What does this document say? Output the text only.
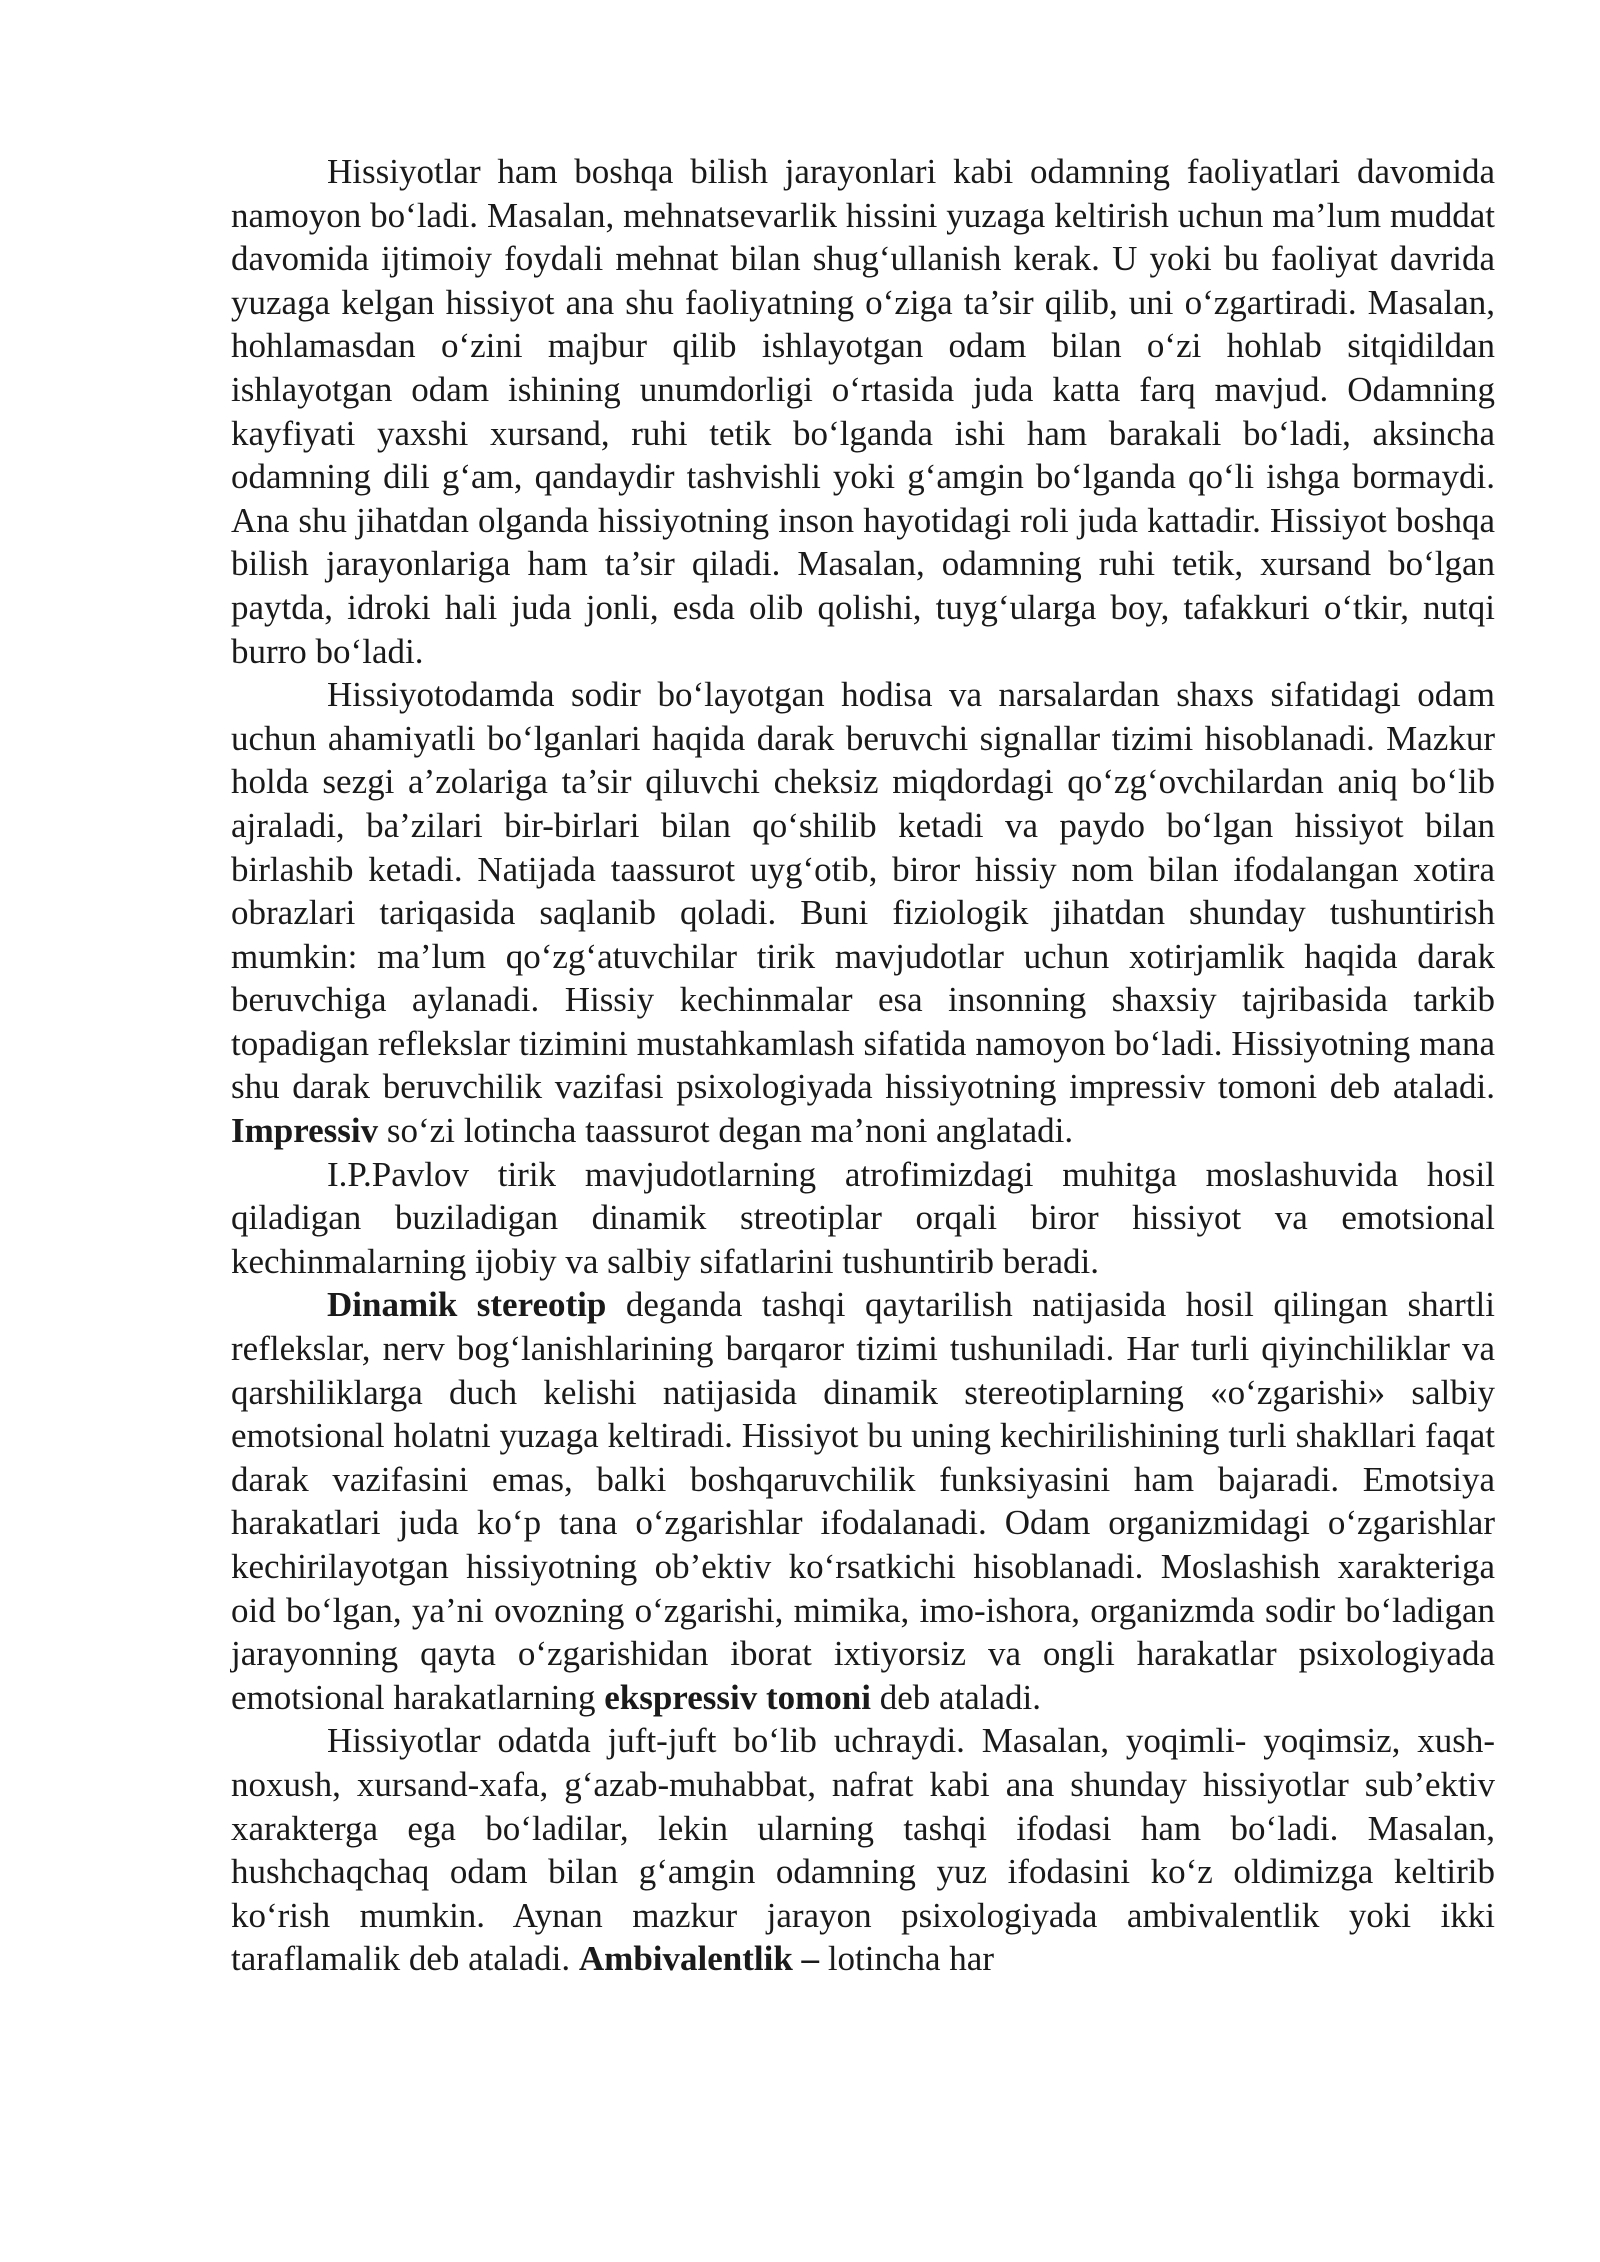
Hissiyotlar ham boshqa bilish jarayonlari kabi odamning faoliyatlari davomida namoyon bo‘ladi. Masalan, mehnatsevarlik hissini yuzaga keltirish uchun ma’lum muddat davomida ijtimoiy foydali mehnat bilan shug‘ullanish kerak. U yoki bu faoliyat davrida yuzaga kelgan hissiyot ana shu faoliyatning o‘ziga ta’sir qilib, uni o‘zgartiradi. Masalan, hohlamasdan o‘zini majbur qilib ishlayotgan odam bilan o‘zi hohlab sitqidildan ishlayotgan odam ishining unumdorligi o‘rtasida juda katta farq mavjud. Odamning kayfiyati yaxshi xursand, ruhi tetik bo‘lganda ishi ham barakali bo‘ladi, aksincha odamning dili g‘am, qandaydir tashvishli yoki g‘amgin bo‘lganda qo‘li ishga bormaydi. Ana shu jihatdan olganda hissiyotning inson hayotidagi roli juda kattadir. Hissiyot boshqa bilish jarayonlariga ham ta’sir qiladi. Masalan, odamning ruhi tetik, xursand bo‘lgan paytda, idroki hali juda jonli, esda olib qolishi, tuyg‘ularga boy, tafakkuri o‘tkir, nutqi burro bo‘ladi.

Hissiyotodamda sodir bo‘layotgan hodisa va narsalardan shaxs sifatidagi odam uchun ahamiyatli bo‘lganlari haqida darak beruvchi signallar tizimi hisoblanadi. Mazkur holda sezgi a’zolariga ta’sir qiluvchi cheksiz miqdordagi qo‘zg‘ovchilardan aniq bo‘lib ajraladi, ba’zilari bir-birlari bilan qo‘shilib ketadi va paydo bo‘lgan hissiyot bilan birlashib ketadi. Natijada taassurot uyg‘otib, biror hissiy nom bilan ifodalangan xotira obrazlari tariqasida saqlanib qoladi. Buni fiziologik jihatdan shunday tushuntirish mumkin: ma’lum qo‘zg‘atuvchilar tirik mavjudotlar uchun xotirjamlik haqida darak beruvchiga aylanadi. Hissiy kechinmalar esa insonning shaxsiy tajribasida tarkib topadigan reflekslar tizimini mustahkamlash sifatida namoyon bo‘ladi. Hissiyotning mana shu darak beruvchilik vazifasi psixologiyada hissiyotning impressiv tomoni deb ataladi. Impressiv so‘zi lotincha taassurot degan ma’noni anglatadi.

I.P.Pavlov tirik mavjudotlarning atrofimizdagi muhitga moslashuvida hosil qiladigan buziladigan dinamik streotiplar orqali biror hissiyot va emotsional kechinmalarning ijobiy va salbiy sifatlarini tushuntirib beradi.

Dinamik stereotip deganda tashqi qaytarilish natijasida hosil qilingan shartli reflekslar, nerv bog‘lanishlarining barqaror tizimi tushuniladi. Har turli qiyinchiliklar va qarshiliklarga duch kelishi natijasida dinamik stereotiplarning «o‘zgarishi» salbiy emotsional holatni yuzaga keltiradi. Hissiyot bu uning kechirilishining turli shakllari faqat darak vazifasini emas, balki boshqaruvchilik funksiyasini ham bajaradi. Emotsiya harakatlari juda ko‘p tana o‘zgarishlar ifodalanadi. Odam organizmidagi o‘zgarishlar kechirilayotgan hissiyotning ob’ektiv ko‘rsatkichi hisoblanadi. Moslashish xarakteriga oid bo‘lgan, ya’ni ovozning o‘zgarishi, mimika, imo-ishora, organizmda sodir bo‘ladigan jarayonning qayta o‘zgarishidan iborat ixtiyorsiz va ongli harakatlar psixologiyada emotsional harakatlarning ekspressiv tomoni deb ataladi.

Hissiyotlar odatda juft-juft bo‘lib uchraydi. Masalan, yoqimli- yoqimsiz, xush-noxush, xursand-xafa, g‘azab-muhabbat, nafrat kabi ana shunday hissiyotlar sub’ektiv xarakterga ega bo‘ladilar, lekin ularning tashqi ifodasi ham bo‘ladi. Masalan, hushchaqchaq odam bilan g‘amgin odamning yuz ifodasini ko‘z oldimizga keltirib ko‘rish mumkin. Aynan mazkur jarayon psixologiyada ambivalentlik yoki ikki taraflamalik deb ataladi. Ambivalentlik – lotincha har
